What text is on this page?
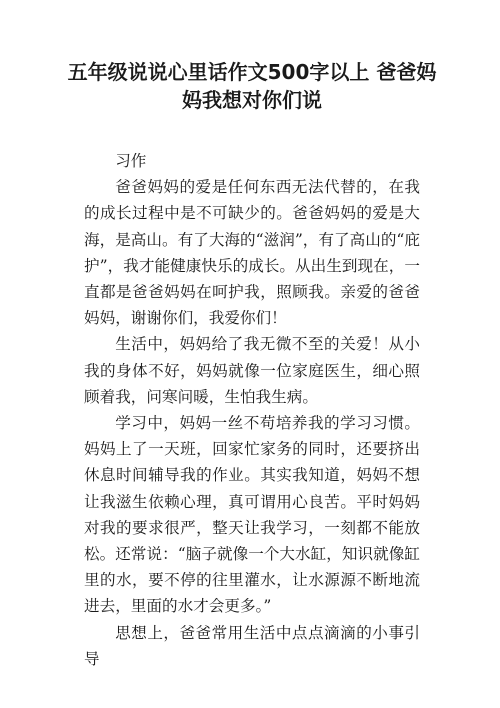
五年级说说心里话作文500字以上 爸爸妈妈我想对你们说

习作

爸爸妈妈的爱是任何东西无法代替的，在我的成长过程中是不可缺少的。爸爸妈妈的爱是大海，是高山。有了大海的“滋润”，有了高山的“庇护”，我才能健康快乐的成长。从出生到现在，一直都是爸爸妈妈在呵护我，照顾我。亲爱的爸爸妈妈，谢谢你们，我爱你们！

生活中，妈妈给了我无微不至的关爱！从小我的身体不好，妈妈就像一位家庭医生，细心照顾着我，问寒问暖，生怕我生病。

学习中，妈妈一丝不苟培养我的学习习惯。妈妈上了一天班，回家忙家务的同时，还要挤出休息时间辅导我的作业。其实我知道，妈妈不想让我滋生依赖心理，真可谓用心良苦。平时妈妈对我的要求很严，整天让我学习，一刻都不能放松。还常说：“脑子就像一个大水缸，知识就像缸里的水，要不停的往里灌水，让水源源不断地流进去，里面的水才会更多。”

思想上，爸爸常用生活中点点滴滴的小事引导
